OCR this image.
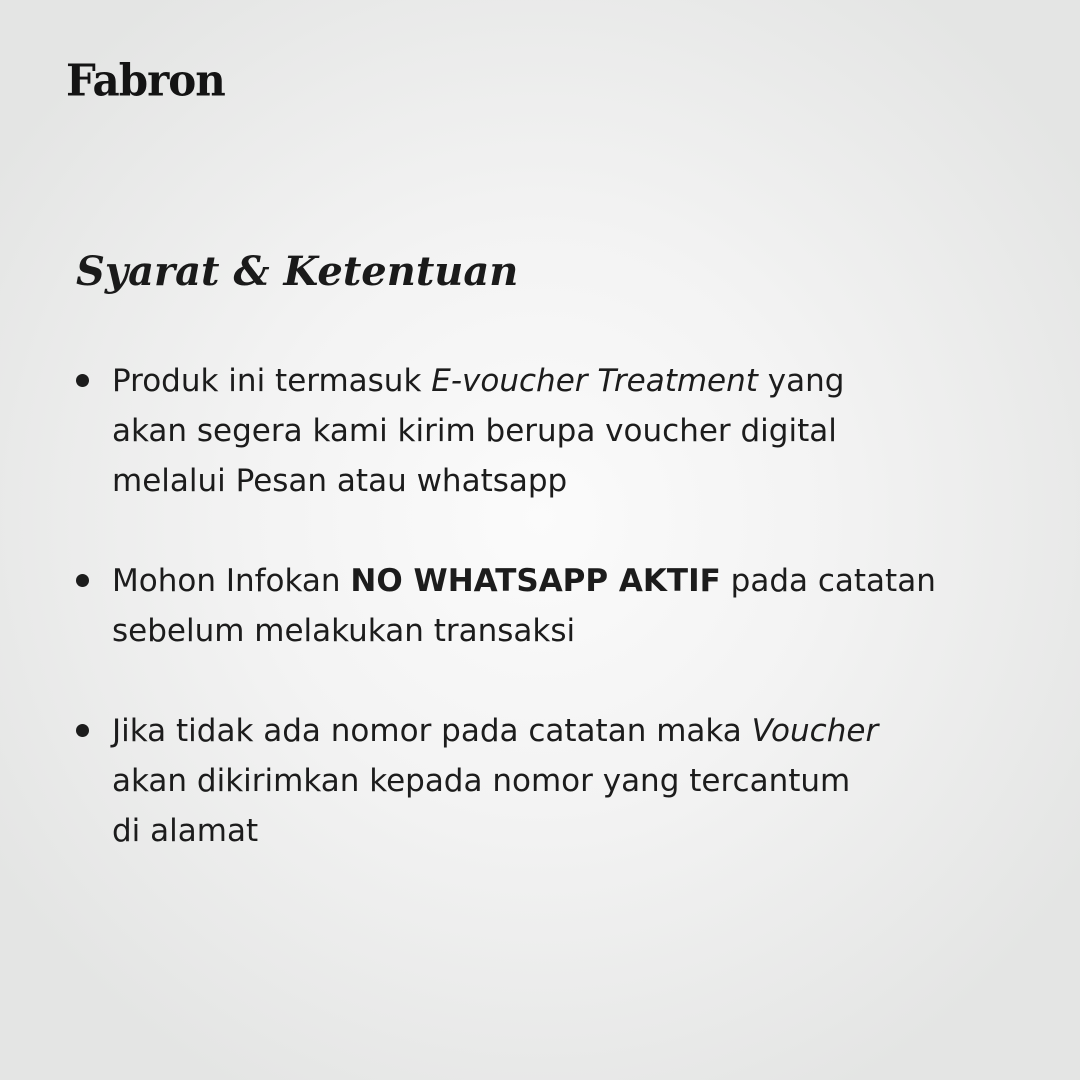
Fabron
Syarat & Ketentuan
Produk ini termasuk E-voucher Treatment yang
akan segera kami kirim berupa voucher digital
melalui Pesan atau whatsapp
Mohon Infokan NO WHATSAPP AKTIF pada catatan
sebelum melakukan transaksi
Jika tidak ada nomor pada catatan maka Voucher
akan dikirimkan kepada nomor yang tercantum
di alamat
